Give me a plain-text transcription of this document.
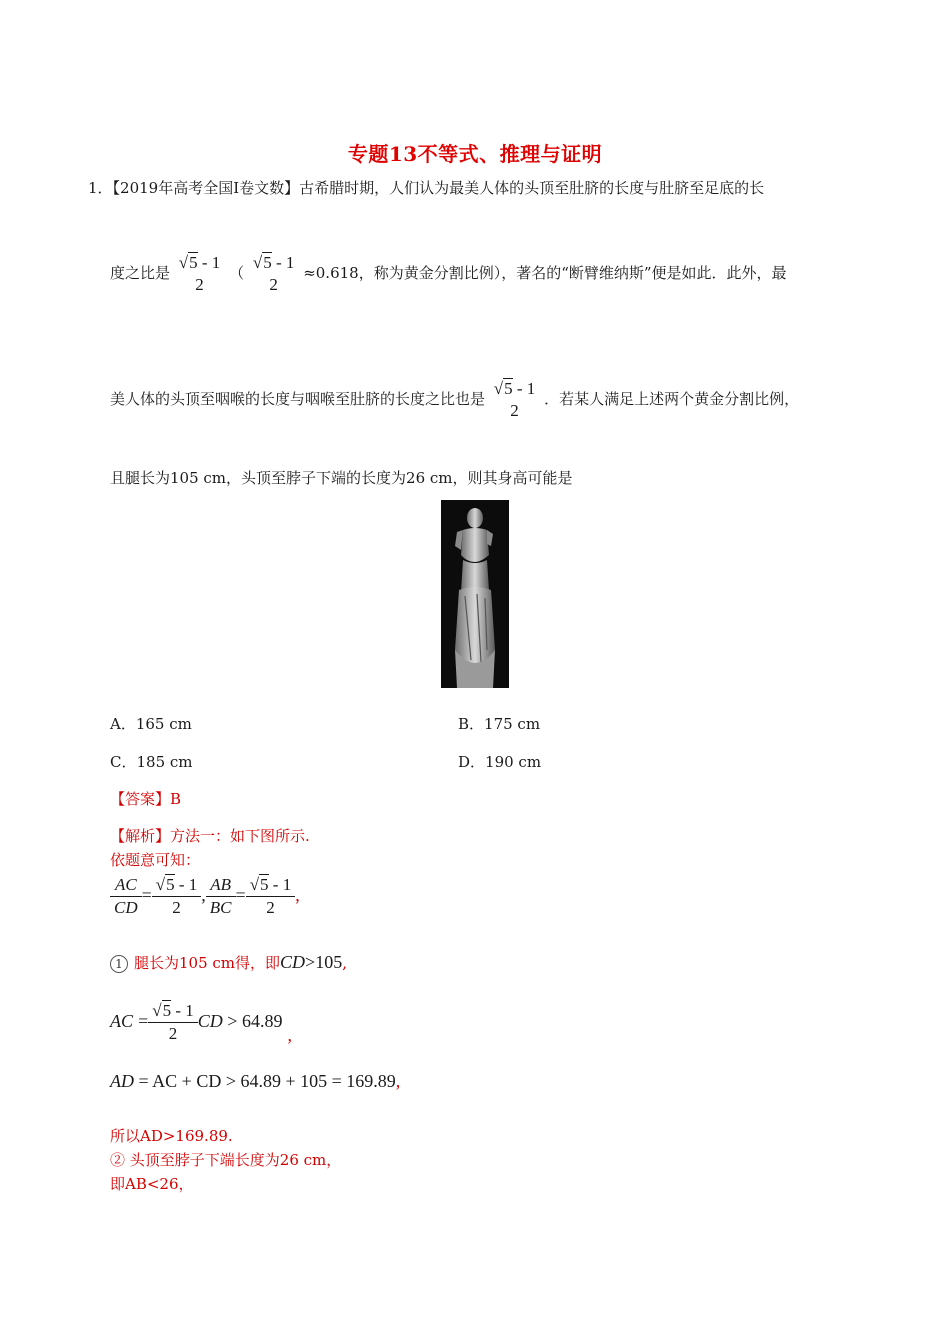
专题13不等式、推理与证明
1．【2019年高考全国Ⅰ卷文数】古希腊时期，人们认为最美人体的头顶至肚脐的长度与肚脐至足底的长
度之比是
√5 - 1
2
（
√5 - 1
2
≈0.618，称为黄金分割比例），著名的“断臂维纳斯”便是如此．此外，最
美人体的头顶至咽喉的长度与咽喉至肚脐的长度之比也是
√5 - 1
2
．若某人满足上述两个黄金分割比例，
且腿长为105 cm，头顶至脖子下端的长度为26 cm，则其身高可能是
A．165 cm	B．175 cm
C．185 cm	D．190 cm
【答案】B
【解析】方法一：如下图所示.
依题意可知：
$\frac{AC}{CD} = \frac{√5 - 1}{2}$ , $\frac{AB}{BC} = \frac{√5 - 1}{2}$ ,
1 腿长为105 cm得，即CD>105,
AC = $\frac{√5 - 1}{2}$ CD > 64.89 ,
AD = AC + CD > 64.89 + 105 = 169.89,
所以AD>169.89.
② 头顶至脖子下端长度为26 cm，
即AB<26，
